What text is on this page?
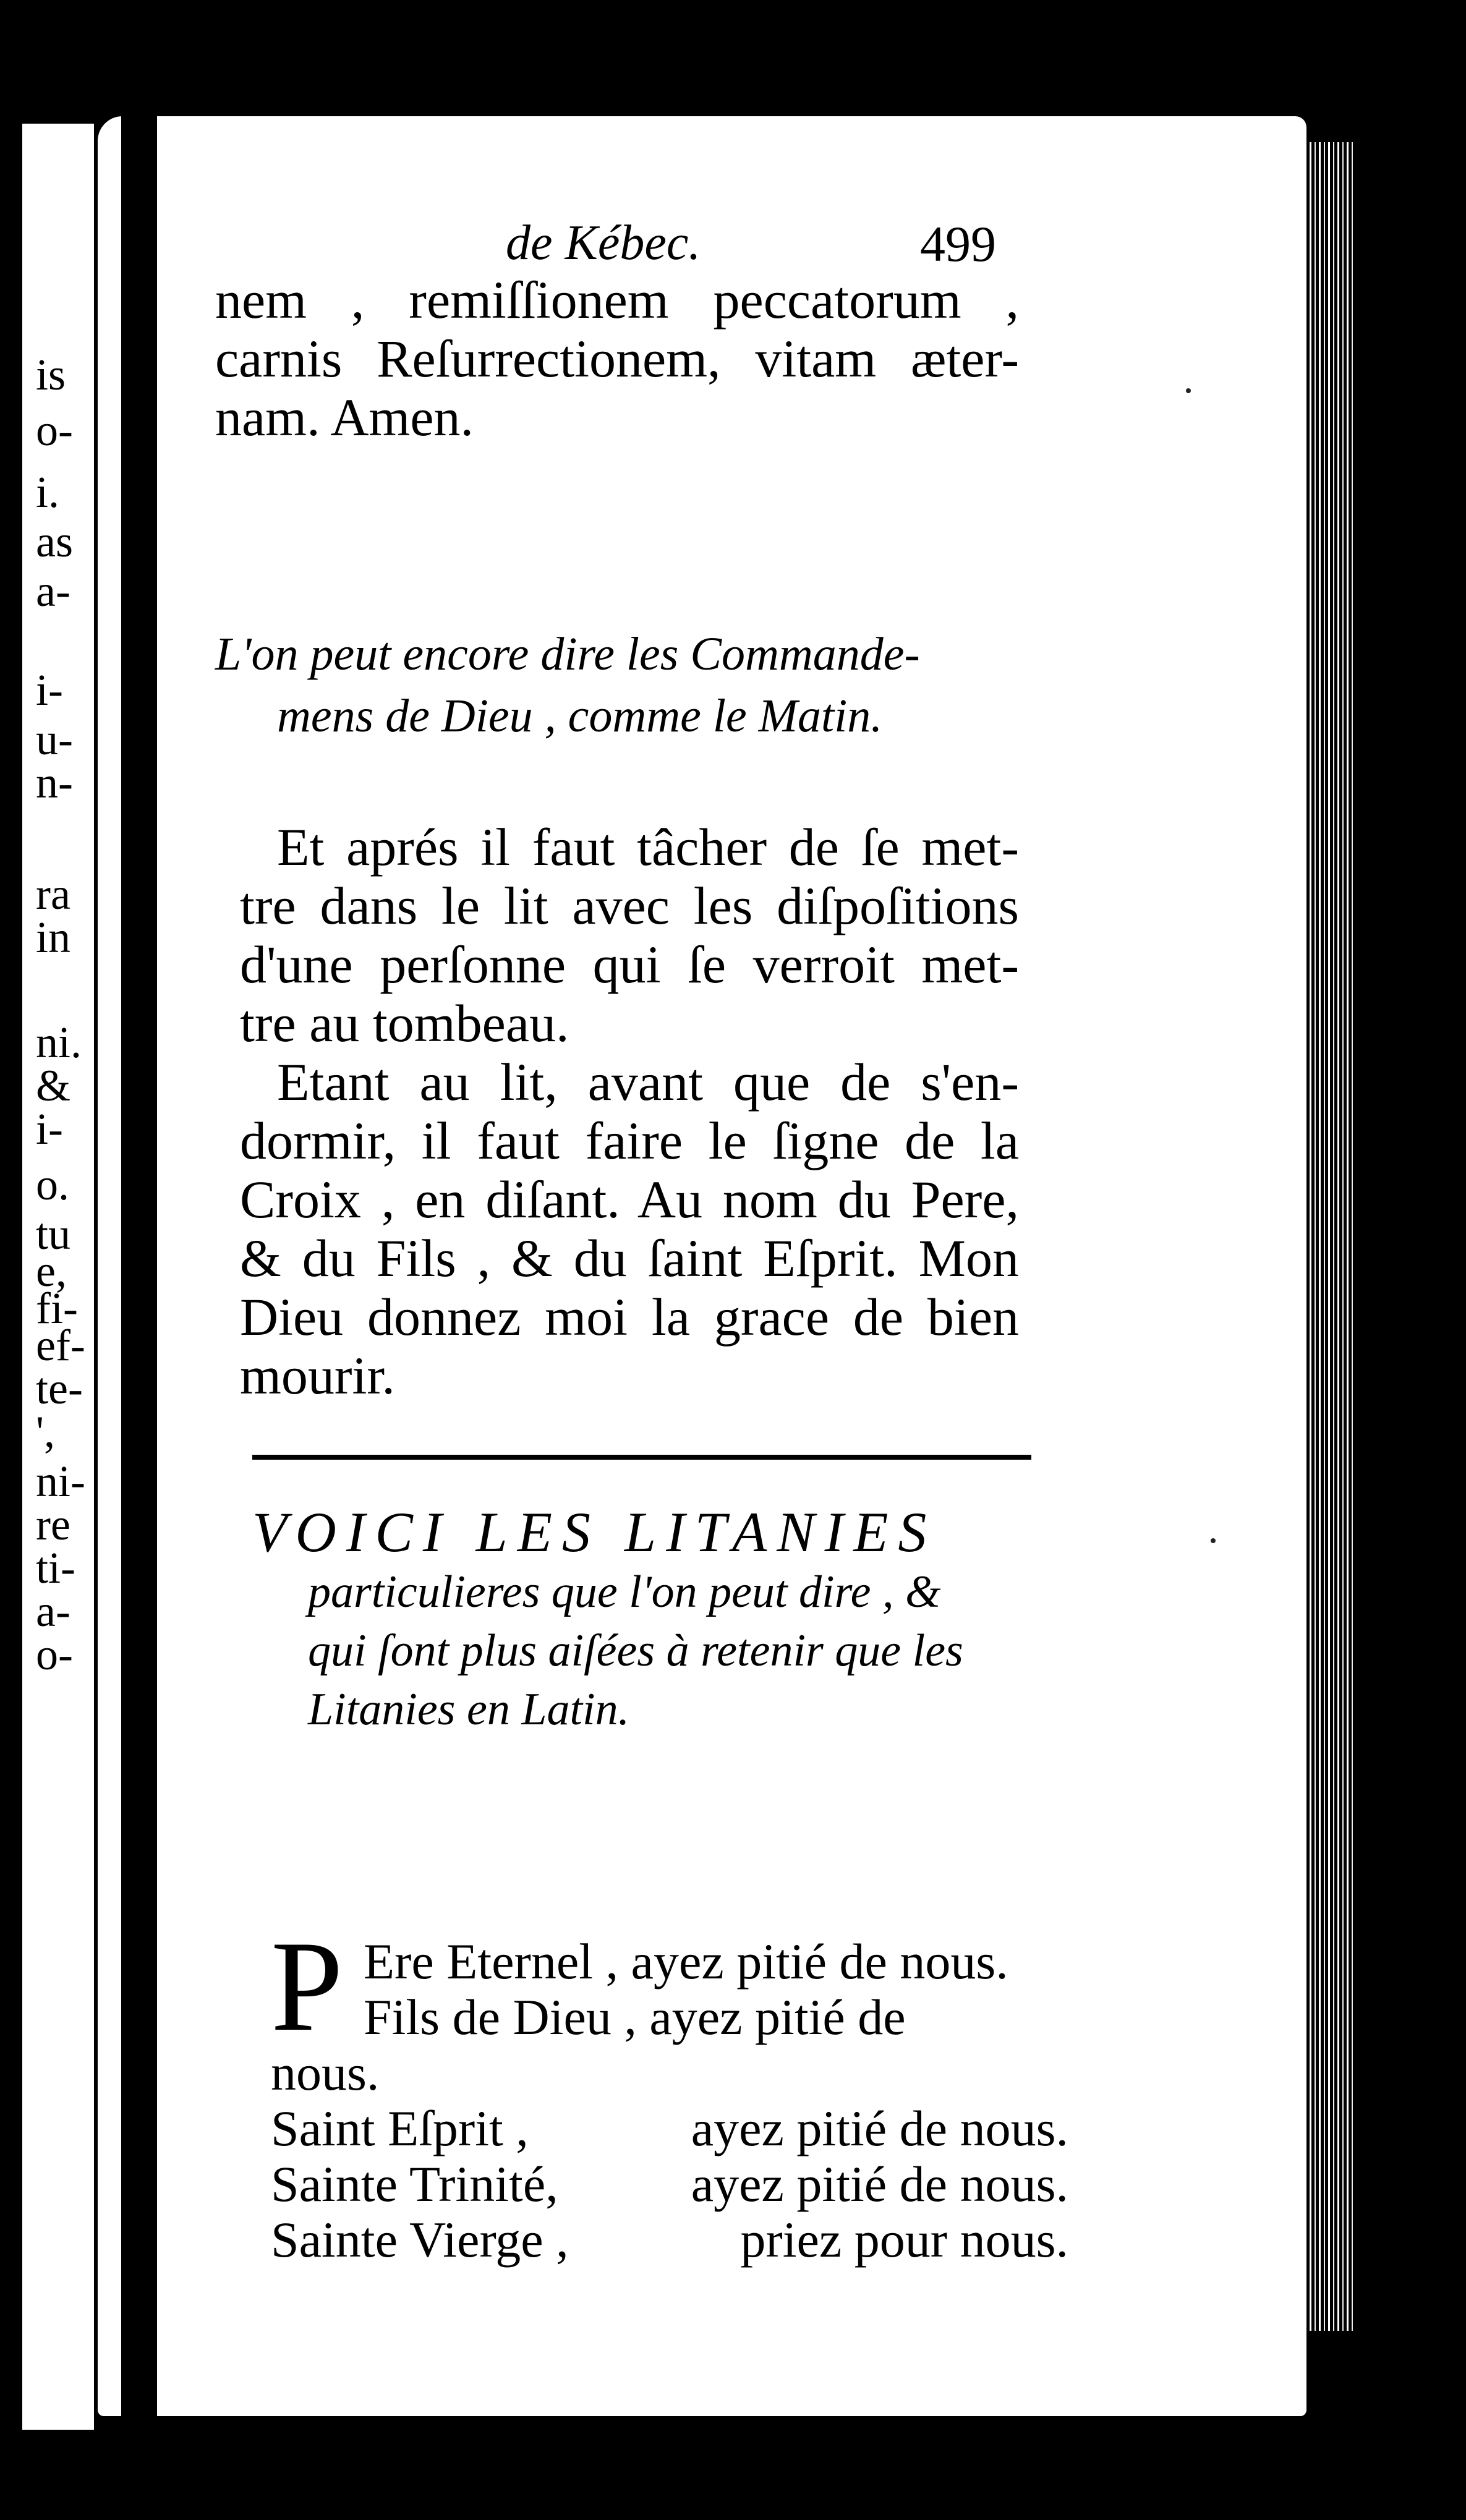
is
o-
i.
as
a-
i-
u-
n-
ra
in
ni.
&
i-
o.
tu
e,
fi-
ef-
te-
',
ni-
re
ti-
a-
o-
de Kébec.	499
nem , remiſſionem peccatorum ,
carnis Reſurrectionem, vitam æter-
nam. Amen.
L'on peut encore dire les Commande-
mens de Dieu , comme le Matin.
Et aprés il faut tâcher de ſe met-
tre dans le lit avec les diſpoſitions
d'une perſonne qui ſe verroit met-
tre au tombeau.
Etant au lit, avant que de s'en-
dormir, il faut faire le ſigne de la
Croix , en diſant. Au nom du Pere,
& du Fils , & du ſaint Eſprit. Mon
Dieu donnez moi la grace de bien
mourir.
VOICI LES LITANIES
particulieres que l'on peut dire , &
qui ſont plus aiſées à retenir que les
Litanies en Latin.
P Ere Eternel , ayez pitié de nous.
Fils de Dieu , ayez pitié de
nous.
Saint Eſprit ,	ayez pitié de nous.
Sainte Trinité,	ayez pitié de nous.
Sainte Vierge ,	priez pour nous.
